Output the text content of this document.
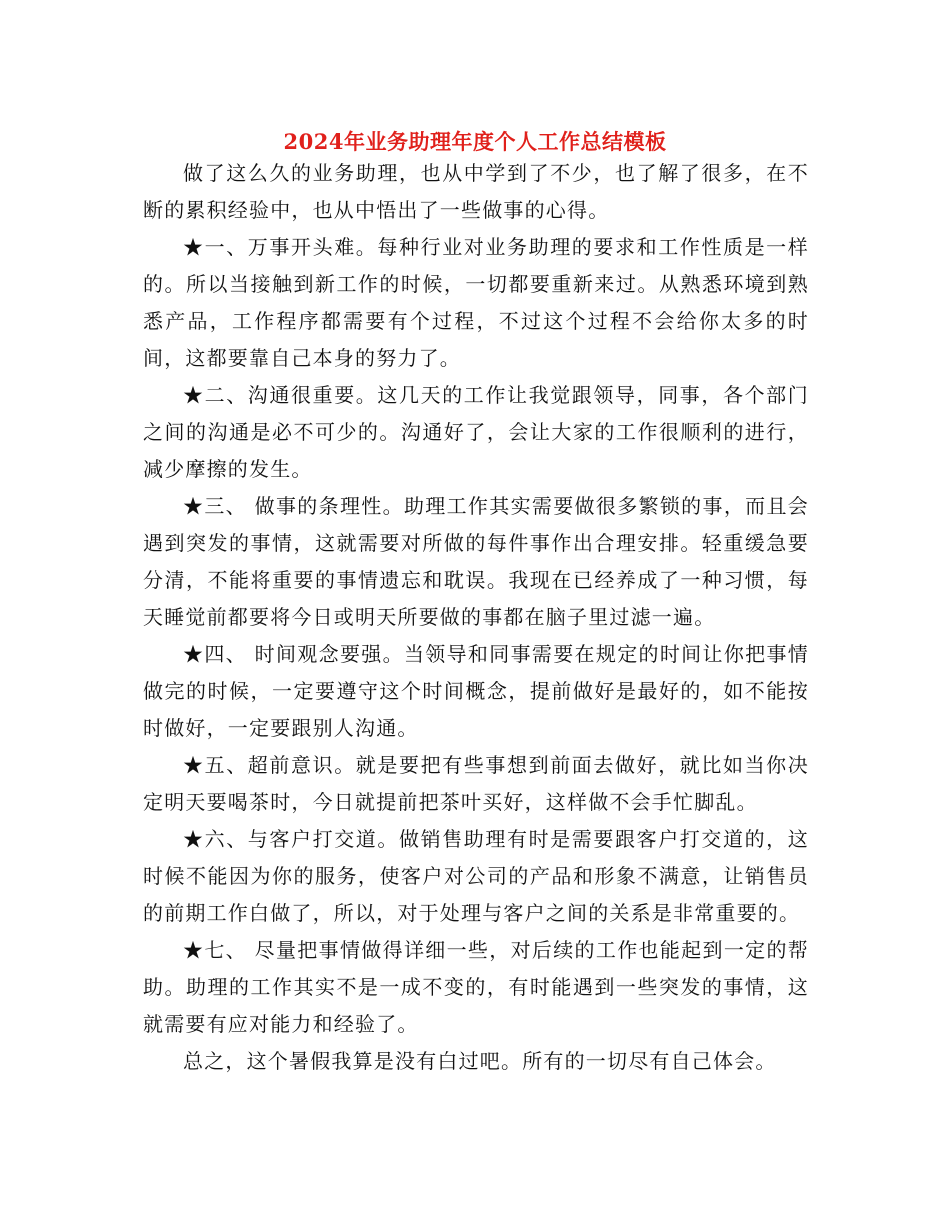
2024年业务助理年度个人工作总结模板

做了这么久的业务助理，也从中学到了不少，也了解了很多，在不断的累积经验中，也从中悟出了一些做事的心得。

★一、万事开头难。每种行业对业务助理的要求和工作性质是一样的。所以当接触到新工作的时候，一切都要重新来过。从熟悉环境到熟悉产品，工作程序都需要有个过程，不过这个过程不会给你太多的时间，这都要靠自己本身的努力了。

★二、沟通很重要。这几天的工作让我觉跟领导，同事，各个部门之间的沟通是必不可少的。沟通好了，会让大家的工作很顺利的进行，减少摩擦的发生。

★三、 做事的条理性。助理工作其实需要做很多繁锁的事，而且会遇到突发的事情，这就需要对所做的每件事作出合理安排。轻重缓急要分清，不能将重要的事情遗忘和耽误。我现在已经养成了一种习惯，每天睡觉前都要将今日或明天所要做的事都在脑子里过滤一遍。

★四、 时间观念要强。当领导和同事需要在规定的时间让你把事情做完的时候，一定要遵守这个时间概念，提前做好是最好的，如不能按时做好，一定要跟别人沟通。

★五、超前意识。就是要把有些事想到前面去做好，就比如当你决定明天要喝茶时，今日就提前把茶叶买好，这样做不会手忙脚乱。

★六、与客户打交道。做销售助理有时是需要跟客户打交道的，这时候不能因为你的服务，使客户对公司的产品和形象不满意，让销售员的前期工作白做了，所以，对于处理与客户之间的关系是非常重要的。

★七、 尽量把事情做得详细一些，对后续的工作也能起到一定的帮助。助理的工作其实不是一成不变的，有时能遇到一些突发的事情，这就需要有应对能力和经验了。

总之，这个暑假我算是没有白过吧。所有的一切尽有自己体会。
